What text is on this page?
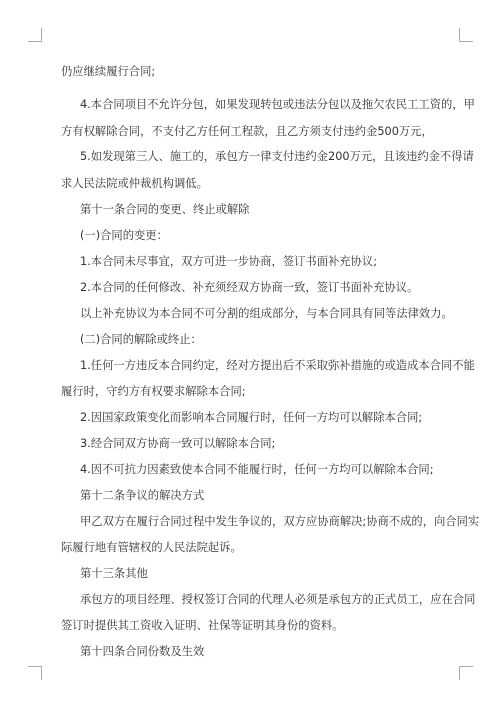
仍应继续履行合同;
4.本合同项目不允许分包，如果发现转包或违法分包以及拖欠农民工工资的，甲
方有权解除合同，不支付乙方任何工程款，且乙方须支付违约金500万元，
5.如发现第三人、施工的，承包方一律支付违约金200万元，且该违约金不得请
求人民法院或仲裁机构调低。
第十一条合同的变更、终止或解除
(一)合同的变更：
1.本合同未尽事宜，双方可进一步协商，签订书面补充协议;
2.本合同的任何修改、补充须经双方协商一致，签订书面补充协议。
以上补充协议为本合同不可分割的组成部分，与本合同具有同等法律效力。
(二)合同的解除或终止：
1.任何一方违反本合同约定，经对方提出后不采取弥补措施的或造成本合同不能
履行时，守约方有权要求解除本合同;
2.因国家政策变化而影响本合同履行时，任何一方均可以解除本合同;
3.经合同双方协商一致可以解除本合同;
4.因不可抗力因素致使本合同不能履行时，任何一方均可以解除本合同;
第十二条争议的解决方式
甲乙双方在履行合同过程中发生争议的，双方应协商解决;协商不成的，向合同实
际履行地有管辖权的人民法院起诉。
第十三条其他
承包方的项目经理、授权签订合同的代理人必须是承包方的正式员工，应在合同
签订时提供其工资收入证明、社保等证明其身份的资料。
第十四条合同份数及生效
